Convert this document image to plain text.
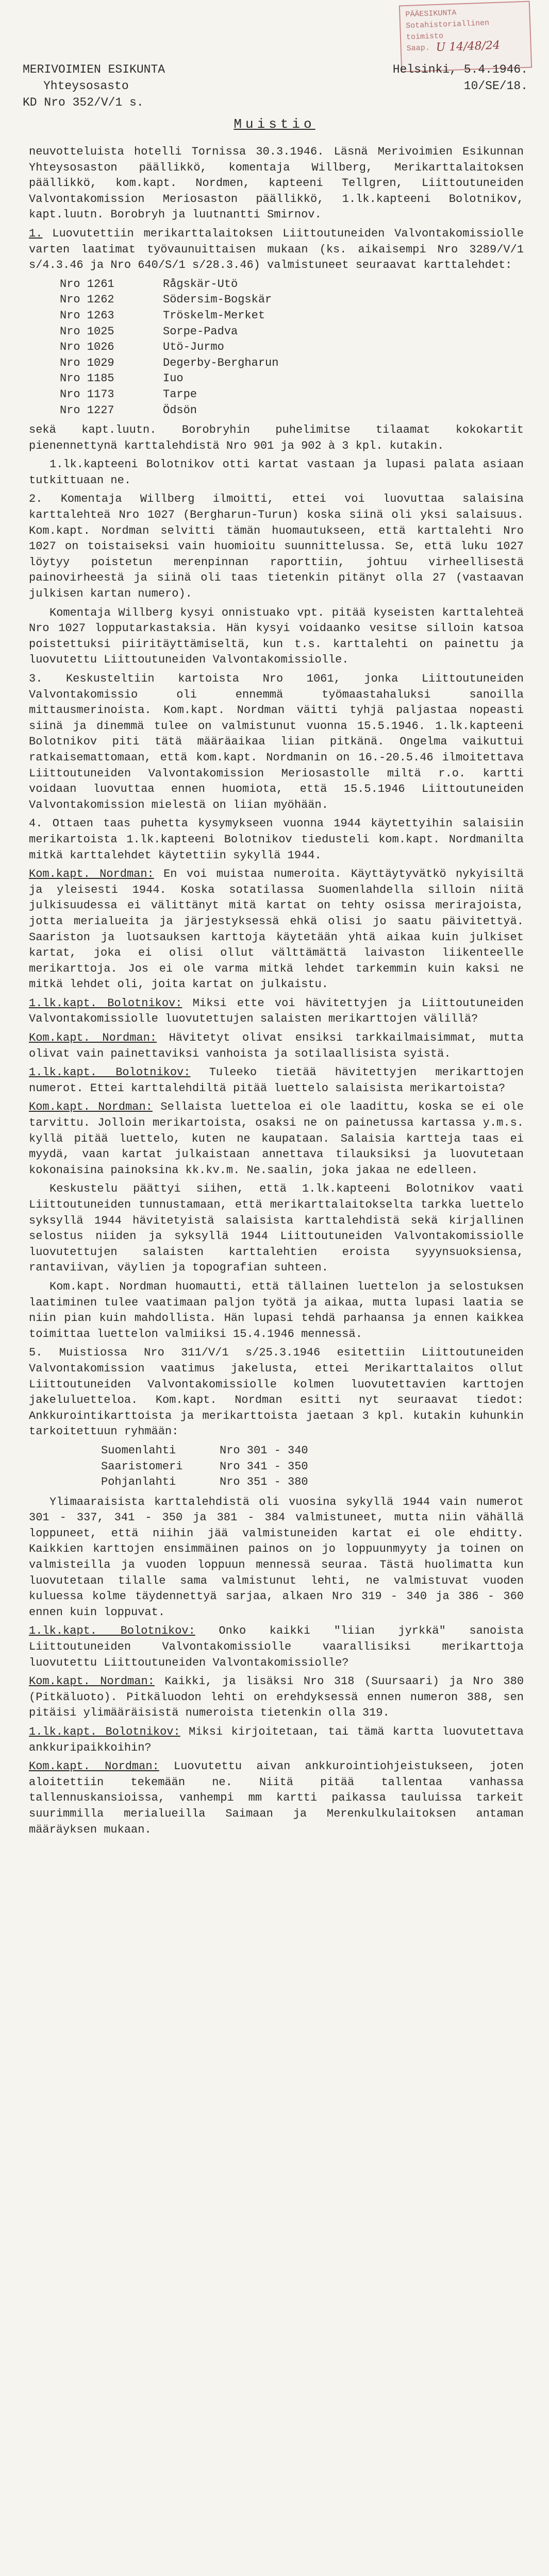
PÄÄESIKUNTA
Sotahistoriallinen
toimisto
Saap. U 14/48/24
MERIVOIMIEN ESIKUNTA	Helsinki, 5.4.1946.
Yhteysosasto	10/SE/18.
KD Nro 352/V/1 s.
Muistio

neuvotteluista hotelli Tornissa 30.3.1946. Läsnä Merivoimien Esikunnan Yhteysosaston päällikkö, komentaja Willberg, Merikarttalaitoksen päällikkö, kom.kapt. Nordmen, kapteeni Tellgren, Liittoutuneiden Valvontakomission Meriosaston päällikkö, 1.lk.kapteeni Bolotnikov, kapt.luutn. Borobryh ja luutnantti Smirnov.

1. Luovutettiin merikarttalaitoksen Liittoutuneiden Valvontakomissiolle varten laatimat työvaunuittaisen mukaan (ks. aikaisempi Nro 3289/V/1 s/4.3.46 ja Nro 640/S/1 s/28.3.46) valmistuneet seuraavat karttalehdet:

Nro 1261	Rågskär-Utö
Nro 1262	Södersim-Bogskär
Nro 1263	Tröskelm-Merket
Nro 1025	Sorpe-Padva
Nro 1026	Utö-Jurmo
Nro 1029	Degerby-Bergharun
Nro 1185	Iuo
Nro 1173	Tarpe
Nro 1227	Ödsön

sekä kapt.luutn. Borobryhin puhelimitse tilaamat kokokartit pienennettynä karttalehdistä Nro 901 ja 902 à 3 kpl. kutakin.

1.lk.kapteeni Bolotnikov otti kartat vastaan ja lupasi palata asiaan tutkittuaan ne.

2. Komentaja Willberg ilmoitti, ettei voi luovuttaa salaisina karttalehteä Nro 1027 (Bergharun-Turun) koska siinä oli yksi salaisuus. Kom.kapt. Nordman selvitti tämän huomautukseen, että karttalehti Nro 1027 on toistaiseksi vain huomioitu suunnittelussa. Se, että luku 1027 löytyy poistetun merenpinnan raporttiin, johtuu virheellisestä painovirheestä ja siinä oli taas tietenkin pitänyt olla 27 (vastaavan julkisen kartan numero).

Komentaja Willberg kysyi onnistuako vpt. pitää kyseisten karttalehteä Nro 1027 lopputarkastaksia. Hän kysyi voidaanko vesitse silloin katsoa poistettuksi piiritäyttämiseltä, kun t.s. karttalehti on painettu ja luovutettu Liittoutuneiden Valvontakomissiolle.

3. Keskusteltiin kartoista Nro 1061, jonka Liittoutuneiden Valvontakomissio oli ennemmä työmaastahaluksi sanoilla mittausmerinoista. Kom.kapt. Nordman väitti tyhjä paljastaa nopeasti siinä ja dinemmä tulee on valmistunut vuonna 15.5.1946. 1.lk.kapteeni Bolotnikov piti tätä määräaikaa liian pitkänä. Ongelma vaikuttui ratkaisemattomaan, että kom.kapt. Nordmanin on 16.-20.5.46 ilmoitettava Liittoutuneiden Valvontakomission Meriosastolle miltä r.o. kartti voidaan luovuttaa ennen huomiota, että 15.5.1946 Liittoutuneiden Valvontakomission mielestä on liian myöhään.

4. Ottaen taas puhetta kysymykseen vuonna 1944 käytettyihin salaisiin merikartoista 1.lk.kapteeni Bolotnikov tiedusteli kom.kapt. Nordmanilta mitkä karttalehdet käytettiin sykyllä 1944.

Kom.kapt. Nordman: En voi muistaa numeroita. Käyttäytyvätkö nykyisiltä ja yleisesti 1944. Koska sotatilassa Suomenlahdella silloin niitä julkisuudessa ei välittänyt mitä kartat on tehty osissa merirajoista, jotta merialueita ja järjestyksessä ehkä olisi jo saatu päivitettyä. Saariston ja luotsauksen karttoja käytetään yhtä aikaa kuin julkiset kartat, joka ei olisi ollut välttämättä laivaston liikenteelle merikarttoja. Jos ei ole varma mitkä lehdet tarkemmin kuin kaksi ne mitkä lehdet oli, joita kartat on julkaistu.

1.lk.kapt. Bolotnikov: Miksi ette voi hävitettyjen ja Liittoutuneiden Valvontakomissiolle luovutettujen salaisten merikarttojen välillä?

Kom.kapt. Nordman: Hävitetyt olivat ensiksi tarkkailmaisimmat, mutta olivat vain painettaviksi vanhoista ja sotilaallisista syistä.

1.lk.kapt. Bolotnikov: Tuleeko tietää hävitettyjen merikarttojen numerot. Ettei karttalehdiltä pitää luettelo salaisista merikartoista?

Kom.kapt. Nordman: Sellaista luetteloa ei ole laadittu, koska se ei ole tarvittu. Jolloin merikartoista, osaksi ne on painetussa kartassa y.m.s. kyllä pitää luettelo, kuten ne kaupataan. Salaisia kartteja taas ei myydä, vaan kartat julkaistaan annettava tilauksiksi ja luovutetaan kokonaisina painoksina kk.kv.m. Ne.saalin, joka jakaa ne edelleen.

Keskustelu päättyi siihen, että 1.lk.kapteeni Bolotnikov vaati Liittoutuneiden tunnustamaan, että merikarttalaitokselta tarkka luettelo syksyllä 1944 hävitetyistä salaisista karttalehdistä sekä kirjallinen selostus niiden ja syksyllä 1944 Liittoutuneiden Valvontakomissiolle luovutettujen salaisten karttalehtien eroista syyynsuoksiensa, rantaviivan, väylien ja topografian suhteen.

Kom.kapt. Nordman huomautti, että tällainen luettelon ja selostuksen laatiminen tulee vaatimaan paljon työtä ja aikaa, mutta lupasi laatia se niin pian kuin mahdollista. Hän lupasi tehdä parhaansa ja ennen kaikkea toimittaa luettelon valmiiksi 15.4.1946 mennessä.

5. Muistiossa Nro 311/V/1 s/25.3.1946 esitettiin Liittoutuneiden Valvontakomission vaatimus jakelusta, ettei Merikarttalaitos ollut Liittoutuneiden Valvontakomissiolle kolmen luovutettavien karttojen jakeluluetteloa. Kom.kapt. Nordman esitti nyt seuraavat tiedot: Ankkurointikarttoista ja merikarttoista jaetaan 3 kpl. kutakin kuhunkin tarkoitettuun ryhmään:

Suomenlahti	Nro 301 - 340
Saaristomeri	Nro 341 - 350
Pohjanlahti	Nro 351 - 380

Ylimaaraisista karttalehdistä oli vuosina sykyllä 1944 vain numerot 301 - 337, 341 - 350 ja 381 - 384 valmistuneet, mutta niin vähällä loppuneet, että niihin jää valmistuneiden kartat ei ole ehditty. Kaikkien karttojen ensimmäinen painos on jo loppuunmyyty ja toinen on valmisteilla ja vuoden loppuun mennessä seuraa. Tästä huolimatta kun luovutetaan tilalle sama valmistunut lehti, ne valmistuvat vuoden kuluessa kolme täydennettyä sarjaa, alkaen Nro 319 - 340 ja 386 - 360 ennen kuin loppuvat.

1.lk.kapt. Bolotnikov: Onko kaikki "liian jyrkkä" sanoista Liittoutuneiden Valvontakomissiolle vaarallisiksi merikarttoja luovutettu Liittoutuneiden Valvontakomissiolle?

Kom.kapt. Nordman: Kaikki, ja lisäksi Nro 318 (Suursaari) ja Nro 380 (Pitkäluoto). Pitkäluodon lehti on erehdyksessä ennen numeron 388, sen pitäisi ylimääräisistä numeroista tietenkin olla 319.

1.lk.kapt. Bolotnikov: Miksi kirjoitetaan, tai tämä kartta luovutettava ankkuripaikkoihin?

Kom.kapt. Nordman: Luovutettu aivan ankkurointiohjeistukseen, joten aloitettiin tekemään ne. Niitä pitää tallentaa vanhassa tallennuskansioissa, vanhempi mm kartti paikassa tauluissa tarkeit suurimmilla merialueilla Saimaan ja Merenkulkulaitoksen antaman määräyksen mukaan.
